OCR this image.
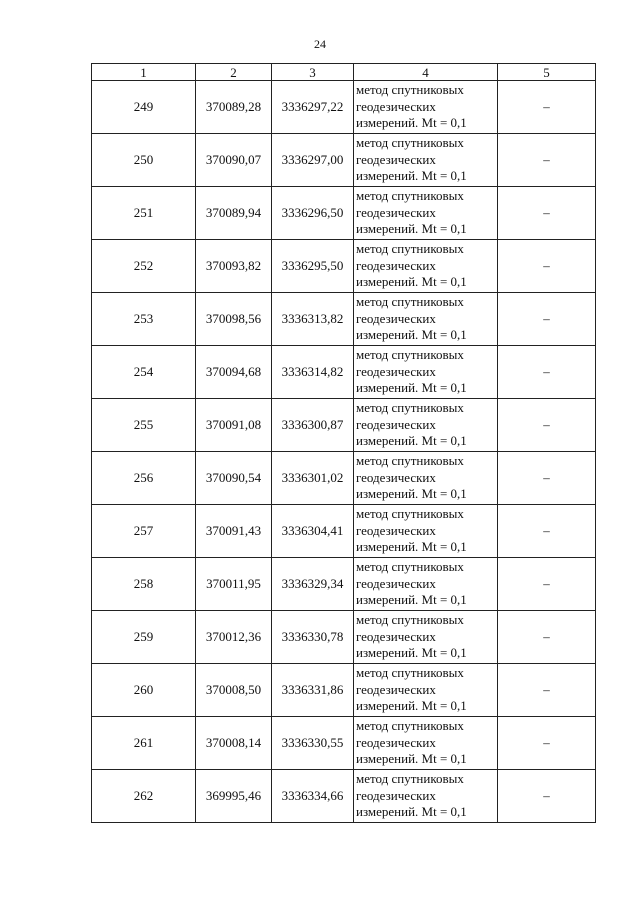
24
1	2	3	4	5
249	370089,28	3336297,22	метод спутниковых
геодезических
измерений. Mt = 0,1	–
250	370090,07	3336297,00	метод спутниковых
геодезических
измерений. Mt = 0,1	–
251	370089,94	3336296,50	метод спутниковых
геодезических
измерений. Mt = 0,1	–
252	370093,82	3336295,50	метод спутниковых
геодезических
измерений. Mt = 0,1	–
253	370098,56	3336313,82	метод спутниковых
геодезических
измерений. Mt = 0,1	–
254	370094,68	3336314,82	метод спутниковых
геодезических
измерений. Mt = 0,1	–
255	370091,08	3336300,87	метод спутниковых
геодезических
измерений. Mt = 0,1	–
256	370090,54	3336301,02	метод спутниковых
геодезических
измерений. Mt = 0,1	–
257	370091,43	3336304,41	метод спутниковых
геодезических
измерений. Mt = 0,1	–
258	370011,95	3336329,34	метод спутниковых
геодезических
измерений. Mt = 0,1	–
259	370012,36	3336330,78	метод спутниковых
геодезических
измерений. Mt = 0,1	–
260	370008,50	3336331,86	метод спутниковых
геодезических
измерений. Mt = 0,1	–
261	370008,14	3336330,55	метод спутниковых
геодезических
измерений. Mt = 0,1	–
262	369995,46	3336334,66	метод спутниковых
геодезических
измерений. Mt = 0,1	–
